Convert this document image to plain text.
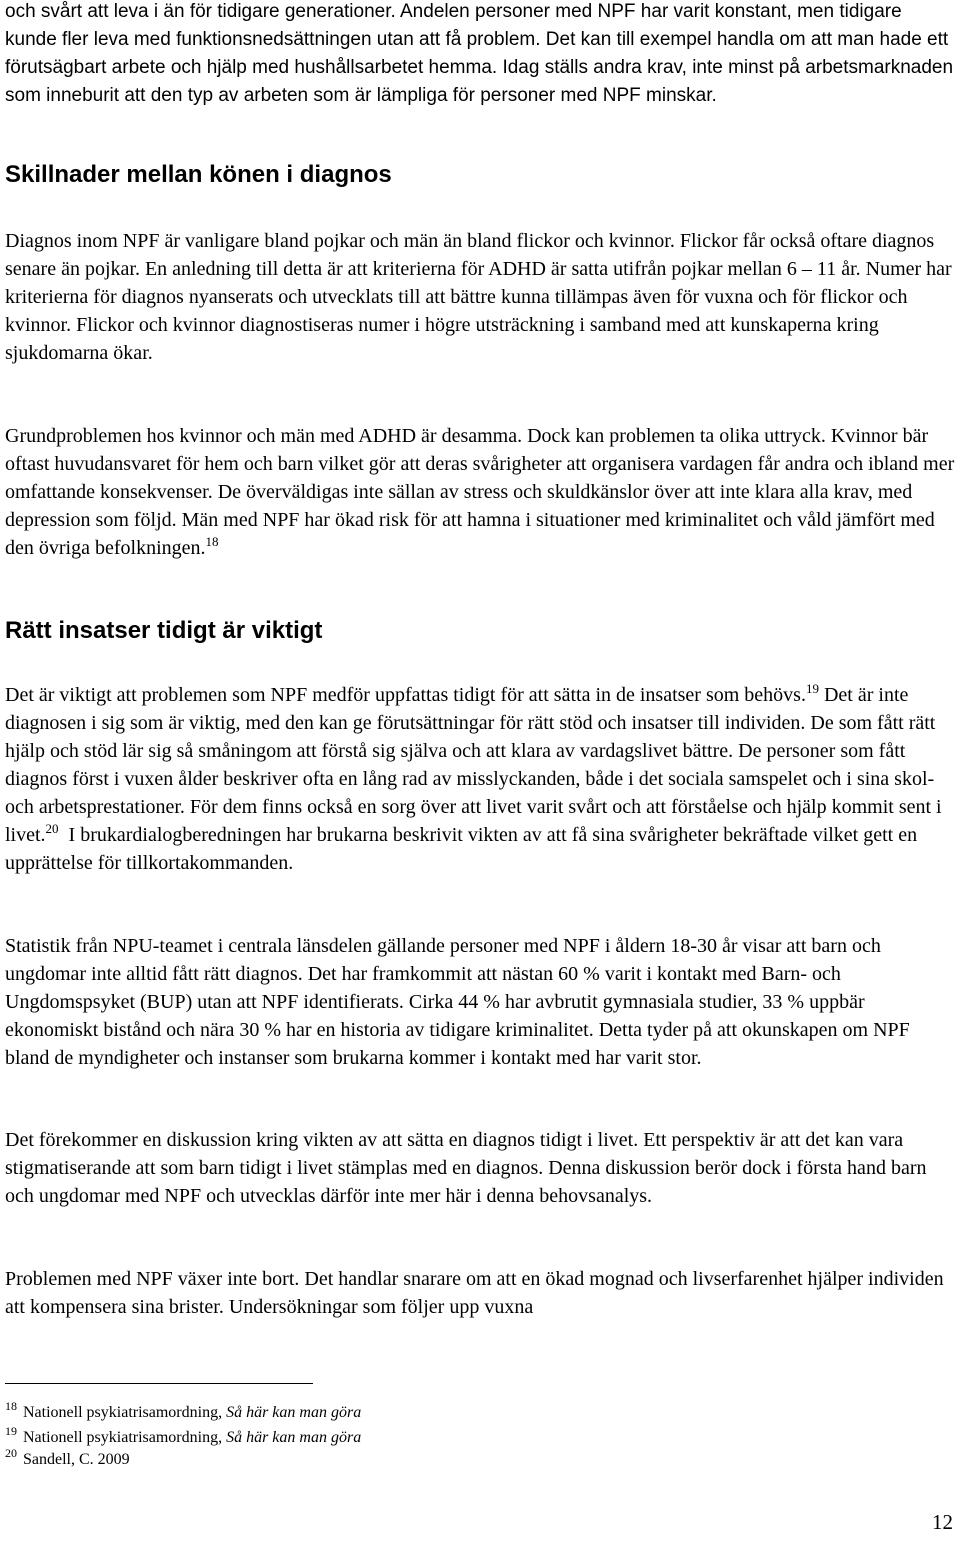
och svårt att leva i än för tidigare generationer. Andelen personer med NPF har varit konstant, men tidigare kunde fler leva med funktionsnedsättningen utan att få problem. Det kan till exempel handla om att man hade ett förutsägbart arbete och hjälp med hushållsarbetet hemma. Idag ställs andra krav, inte minst på arbetsmarknaden som inneburit att den typ av arbeten som är lämpliga för personer med NPF minskar.

Skillnader mellan könen i diagnos

Diagnos inom NPF är vanligare bland pojkar och män än bland flickor och kvinnor. Flickor får också oftare diagnos senare än pojkar. En anledning till detta är att kriterierna för ADHD är satta utifrån pojkar mellan 6 – 11 år. Numer har kriterierna för diagnos nyanserats och utvecklats till att bättre kunna tillämpas även för vuxna och för flickor och kvinnor. Flickor och kvinnor diagnostiseras numer i högre utsträckning i samband med att kunskaperna kring sjukdomarna ökar.

Grundproblemen hos kvinnor och män med ADHD är desamma. Dock kan problemen ta olika uttryck. Kvinnor bär oftast huvudansvaret för hem och barn vilket gör att deras svårigheter att organisera vardagen får andra och ibland mer omfattande konsekvenser. De överväldigas inte sällan av stress och skuldkänslor över att inte klara alla krav, med depression som följd. Män med NPF har ökad risk för att hamna i situationer med kriminalitet och våld jämfört med den övriga befolkningen.$^{18}$

Rätt insatser tidigt är viktigt

Det är viktigt att problemen som NPF medför uppfattas tidigt för att sätta in de insatser som behövs.$^{19}$ Det är inte diagnosen i sig som är viktig, med den kan ge förutsättningar för rätt stöd och insatser till individen. De som fått rätt hjälp och stöd lär sig så småningom att förstå sig själva och att klara av vardagslivet bättre. De personer som fått diagnos först i vuxen ålder beskriver ofta en lång rad av misslyckanden, både i det sociala samspelet och i sina skol- och arbetsprestationer. För dem finns också en sorg över att livet varit svårt och att förståelse och hjälp kommit sent i livet.$^{20}$  I brukardialogberedningen har brukarna beskrivit vikten av att få sina svårigheter bekräftade vilket gett en upprättelse för tillkortakommanden.

Statistik från NPU-teamet i centrala länsdelen gällande personer med NPF i åldern 18-30 år visar att barn och ungdomar inte alltid fått rätt diagnos. Det har framkommit att nästan 60 % varit i kontakt med Barn- och Ungdomspsyket (BUP) utan att NPF identifierats. Cirka 44 % har avbrutit gymnasiala studier, 33 % uppbär ekonomiskt bistånd och nära 30 % har en historia av tidigare kriminalitet. Detta tyder på att okunskapen om NPF bland de myndigheter och instanser som brukarna kommer i kontakt med har varit stor.

Det förekommer en diskussion kring vikten av att sätta en diagnos tidigt i livet. Ett perspektiv är att det kan vara stigmatiserande att som barn tidigt i livet stämplas med en diagnos. Denna diskussion berör dock i första hand barn och ungdomar med NPF och utvecklas därför inte mer här i denna behovsanalys.

Problemen med NPF växer inte bort. Det handlar snarare om att en ökad mognad och livserfarenhet hjälper individen att kompensera sina brister. Undersökningar som följer upp vuxna

$^{18}$ Nationell psykiatrisamordning, Så här kan man göra
$^{19}$ Nationell psykiatrisamordning, Så här kan man göra
$^{20}$ Sandell, C. 2009
12
